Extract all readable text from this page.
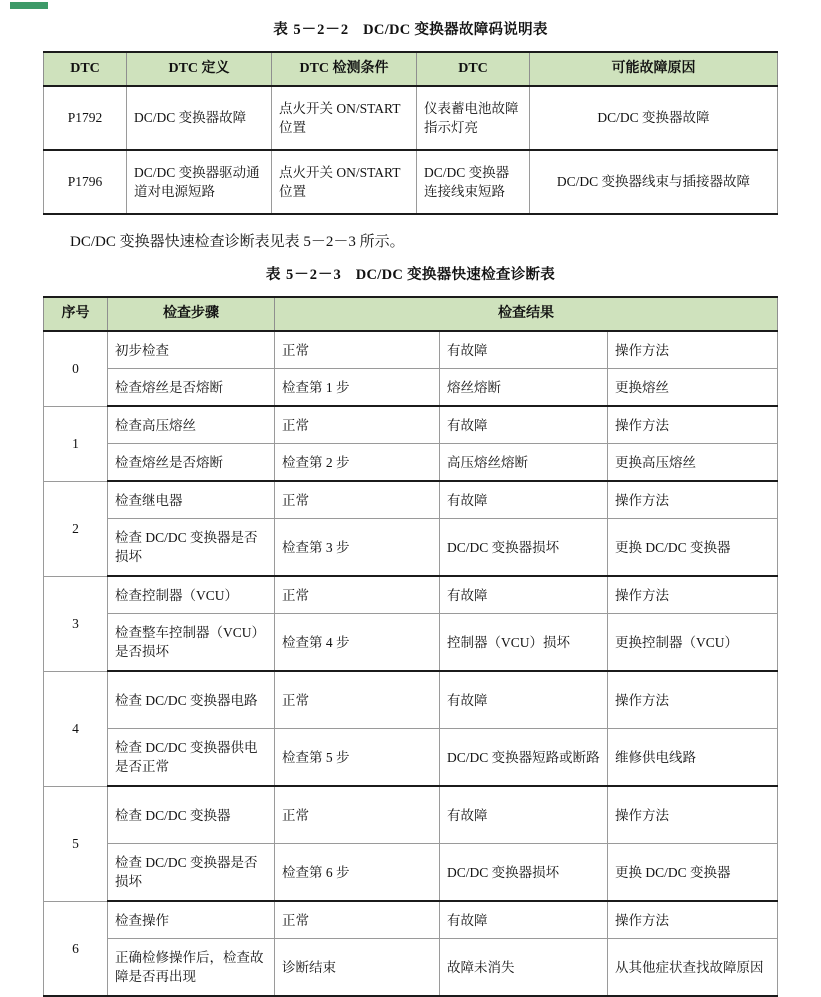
表 5－2－2 DC/DC 变换器故障码说明表

DTC	DTC 定义	DTC 检测条件	DTC	可能故障原因
P1792	DC/DC 变换器故障	点火开关 ON/START 位置	仪表蓄电池故障指示灯亮	DC/DC 变换器故障
P1796	DC/DC 变换器驱动通道对电源短路	点火开关 ON/START 位置	DC/DC 变换器连接线束短路	DC/DC 变换器线束与插接器故障

DC/DC 变换器快速检查诊断表见表 5－2－3 所示。

表 5－2－3 DC/DC 变换器快速检查诊断表

序号	检查步骤	检查结果		
0	初步检查	正常	有故障	操作方法
	检查熔丝是否熔断	检查第 1 步	熔丝熔断	更换熔丝
1	检查高压熔丝	正常	有故障	操作方法
	检查熔丝是否熔断	检查第 2 步	高压熔丝熔断	更换高压熔丝
2	检查继电器	正常	有故障	操作方法
	检查 DC/DC 变换器是否损坏	检查第 3 步	DC/DC 变换器损坏	更换 DC/DC 变换器
3	检查控制器（VCU）	正常	有故障	操作方法
	检查整车控制器（VCU）是否损坏	检查第 4 步	控制器（VCU）损坏	更换控制器（VCU）
4	检查 DC/DC 变换器电路	正常	有故障	操作方法
	检查 DC/DC 变换器供电是否正常	检查第 5 步	DC/DC 变换器短路或断路	维修供电线路
5	检查 DC/DC 变换器	正常	有故障	操作方法
	检查 DC/DC 变换器是否损坏	检查第 6 步	DC/DC 变换器损坏	更换 DC/DC 变换器
6	检查操作	正常	有故障	操作方法
	正确检修操作后，检查故障是否再出现	诊断结束	故障未消失	从其他症状查找故障原因
